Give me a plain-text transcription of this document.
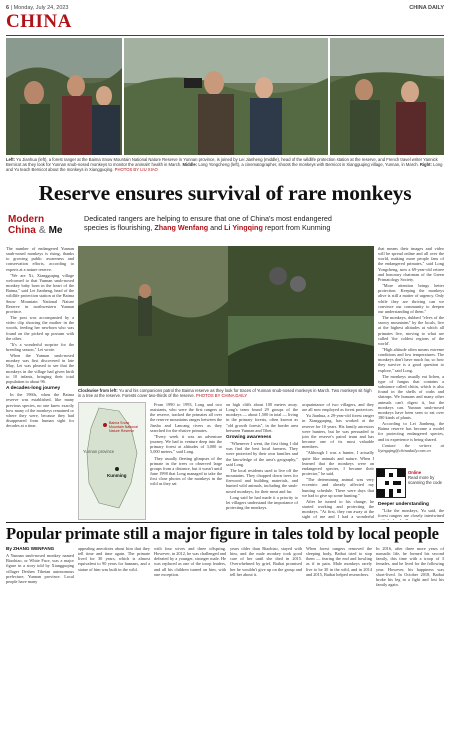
6 | Monday, July 24, 2023	CHINA DAILY
CHINA
Left: Yu Jianhua (left), a forest ranger at the Baima Snow Mountain National Nature Reserve in Yunnan province, is joined by Lei Jianheng (middle), head of the wildlife protection station at the reserve, and French travel writer Yannick Bernicot as they look for Yunnan snub-nosed monkeys to monitor the animals' health in March. Middle: Long Yongcheng (left), a cinematographer, shoots the monkeys with Bernicot in Xiangguqing village, Yunnan, in March. Right: Long and Yu teach Bernicot about the monkeys in Xiangguqing. PHOTOS BY LIU XIAO
Reserve ensures survival of rare monkeys
Modern
China & Me
Dedicated rangers are helping to ensure that one of China's most endangered species is flourishing, Zhang Wenfang and Li Yingqing report from Kunming

The number of endangered Yunnan snub-nosed monkeys is rising, thanks to growing public awareness and conservation efforts, according to experts at a nature reserve.

"We are Xi, Xiangguqing village welcomed to that Yunnan snub-nosed monkey baby born in the heart of the Baima," said Lei Jianheng, head of the wildlife protection station at the Baima Snow Mountain National Nature Reserve in northwestern Yunnan province.

The post was accompanied by a video clip showing the mother in the woods, feeding her newborn who was found on the picked up possum with the other.

"It's a wonderful surprise for the breeding season," Lei wrote.

When the Yunnan snub-nosed monkey was first discovered in late May, Lei was pleased to see that the monkeys in the village had given birth to 10 infants, bringing their total population to about 96.

A decades-long journey

In the 1960s, when the Baima reserve was established, like many previous species, no one knew exactly how many of the monkeys remained or where they were, because they had disappeared from human sight for decades at a time.

Clockwise from left: Yu and his companions patrol the Baima reserve as they look for traces of Yunnan snub-nosed monkeys in March. Two monkeys sit high in a tree at the reserve. Forests cover two-thirds of the reserve. PHOTOS BY CHINA DAILY
Yunnan province
Kunming
Baima Snow Mountain National Nature Reserve

From 1990 to 1993, Long and two assistants, who were the first rangers at the reserve, tracked the primates all over the reserve mountains ranges between the Jinsha and Lancang rivers as they searched for the elusive primates.

"Every week it was an adventure journey. We had to venture deep into the primary forest at altitudes of 3,000 to 5,000 meters," said Long.

They usually fleeting glimpses of the primate in the trees or observed large groups from a distance, but it wasn't until June 1998 that Long managed to take the first close photos of the monkeys in the wild as they sat

on high cliffs about 100 meters away. Long's team found 29 groups of the monkeys — about 1,500 in total — living in the primary forests, often known as "old growth forests", in the border area between Yunnan and Tibet.

Growing awareness

"Whenever I went, the first thing I did was find the best local farmers. They were protected by their own families and the knowledge of the area's geography," said Long.

The local residents used to live off the mountains. They chopped down trees for firewood and building materials, and hunted wild animals, including the snub-nosed monkeys, for their meat and fur.

Long said he had made it a priority to let villagers understand the importance of protecting the monkeys.

acquaintance of two villagers, and they are all now employed as forest protectors.

Yu Jianhua, a 29-year-old forest ranger in Xiangguqing, has worked at the reserve for 10 years. His family ancestors were hunters, but he was persuaded to join the reserve's patrol team and has become one of its most valuable members.

"Although I was a hunter, I actually quite like animals and nature. When I learned that the monkeys were an endangered species, I became their protector," he said.

"The determining animal was very eccentric and already affected my hunting schedule. There were days that we had to give up some hunting."

After he turned to his change, he started working and protecting the monkeys. "At first, they ran away at the sight of me and I had a wonderful

that means their images and video will be spread online and all over the world, making more people fans of the endangered primates," said Long Yongcheng, now a 69-year-old retiree and honorary chairman of the Green Primatology Society.

"More attention brings better protection. Keeping the monkeys alive is still a matter of urgency. Only while they are thriving can we convince our community to deepen our understanding of them."

The monkeys, dubbed "elves of the snowy mountains" by the locals, live at the highest altitudes at which all primates live, moving to what are called 'the coldest regions of the world'.

"High altitude often means extreme conditions and low temperatures. The monkeys don't have much fur, so how they survive is a good question to explore," said Long.

The monkeys usually eat lichen, a type of fungus that contains a substance called chitin, which is also found in the shells of crabs and shrimps. We humans and many other animals can't digest it, but the monkeys can. Yunnan snub-nosed monkeys have been seen to eat over 180 kinds of plants.

According to Lei Jianheng, the Baima reserve has become a model for protecting endangered species, and its experience is being shared.

Contact the writers at liyingqing@chinadaily.com.cn

Online
Read more by scanning the code
Deeper understanding

"Like the monkeys, Yu said, the forest rangers are closely intertwined

Popular primate still a major figure in tales told by local people
By ZHANG WENFANG

A Yunnan snub-nosed monkey named Biaobiao, or White Face, was a major figure in a story told by Xiangguqing villager Deshen Tibetan autonomous prefecture, Yunnan province. Local people have many

appealing anecdotes about him that they tell time and time again. The primate lived for 30 years, which is almost equivalent to 90 years for humans, and a statue of him was built in the wild.

with four wives and three offspring. However, in 2012, he was challenged and defeated by a younger, stronger male. He was replaced as one of the troop leaders, and all his children turned on him, with one exception.

years older than Biaobiao, stayed with him, and the male monkey took good care of her until she died in 2015. Overwhelmed by grief, Baibai promised her he wouldn't give up on the group and tell her about it.

When forest rangers removed the sleeping body, Baibai tried to stop them — fearing the end and howling as if in pain. Male monkeys rarely live to be 30 in the wild, and in 2014 and 2015, Baibai helped researchers.

In 2016, after three more years of nomadic life, he formed his second family, this time with a troop of 3 females, and he lived for the following year. However, his happiness was short-lived. In October 2018, Baibai broke his leg in a fight and lost his family again.
